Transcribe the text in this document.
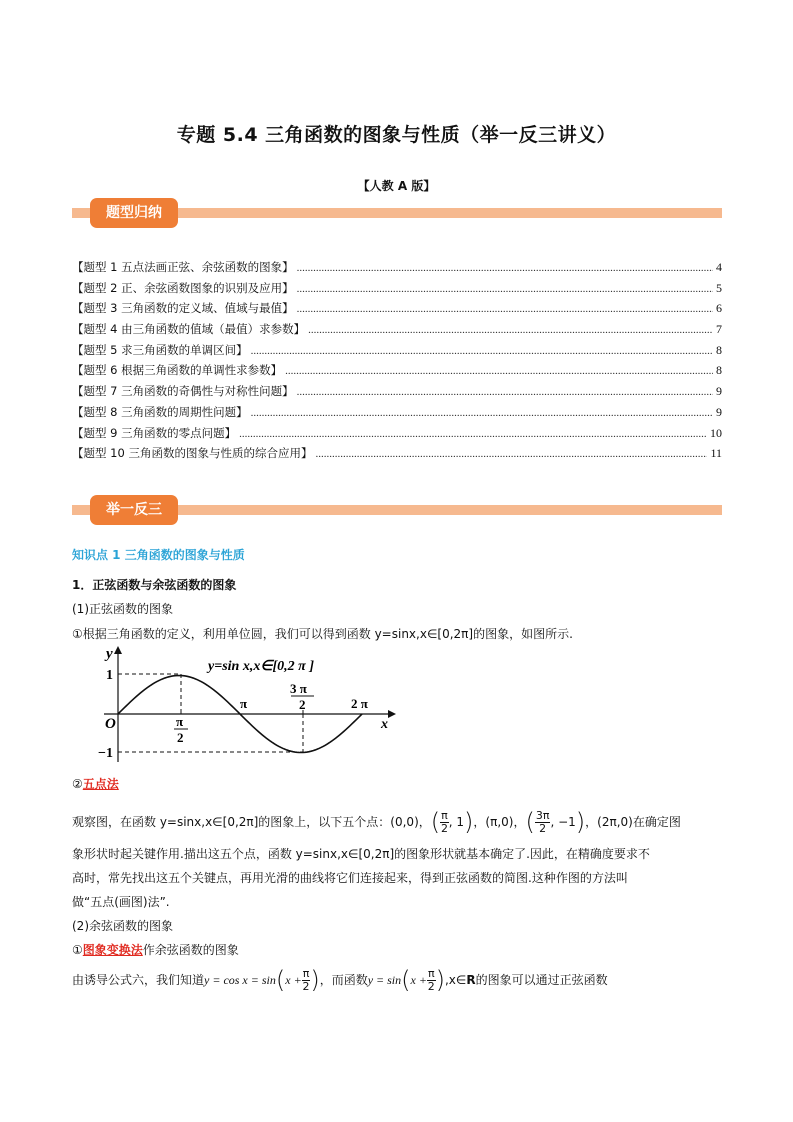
专题 5.4 三角函数的图象与性质（举一反三讲义）
【人教 A 版】
题型归纳
【题型 1 五点法画正弦、余弦函数的图象】 .....	4
【题型 2 正、余弦函数图象的识别及应用】 .....	5
【题型 3 三角函数的定义域、值域与最值】 .....	6
【题型 4 由三角函数的值域（最值）求参数】 .....	7
【题型 5 求三角函数的单调区间】 .....	8
【题型 6 根据三角函数的单调性求参数】 .....	8
【题型 7 三角函数的奇偶性与对称性问题】 .....	9
【题型 8 三角函数的周期性问题】 .....	9
【题型 9 三角函数的零点问题】 .....	10
【题型 10 三角函数的图象与性质的综合应用】 .....	11
举一反三
知识点 1 三角函数的图象与性质
1．正弦函数与余弦函数的图象
(1)正弦函数的图象
①根据三角函数的定义，利用单位圆，我们可以得到函数 y=sinx,x∈[0,2π]的图象，如图所示.
y
x
O
1
−1
π
2
π
3 π
2	2 π
y=sin x,x∈[0,2 π ]
②五点法
观察图，在函数 y=sinx,x∈[0,2π]的图象上，以下五个点：(0,0)， ( $\frac{\pi}{2}$ , 1 ) ，(π,0)， ( $\frac{3\pi}{2}$ , −1 ) ，(2π,0)在确定图
象形状时起关键作用.描出这五个点，函数 y=sinx,x∈[0,2π]的图象形状就基本确定了.因此，在精确度要求不
高时，常先找出这五个关键点，再用光滑的曲线将它们连接起来，得到正弦函数的简图.这种作图的方法叫
做“五点(画图)法”.
(2)余弦函数的图象
①图象变换法作余弦函数的图象
由诱导公式六，我们知道 y = cos x = sin ( $x + \frac{\pi}{2}$ ) ，而函数 y = sin ( $x + \frac{\pi}{2}$ ) ,x∈ R 的图象可以通过正弦函数
